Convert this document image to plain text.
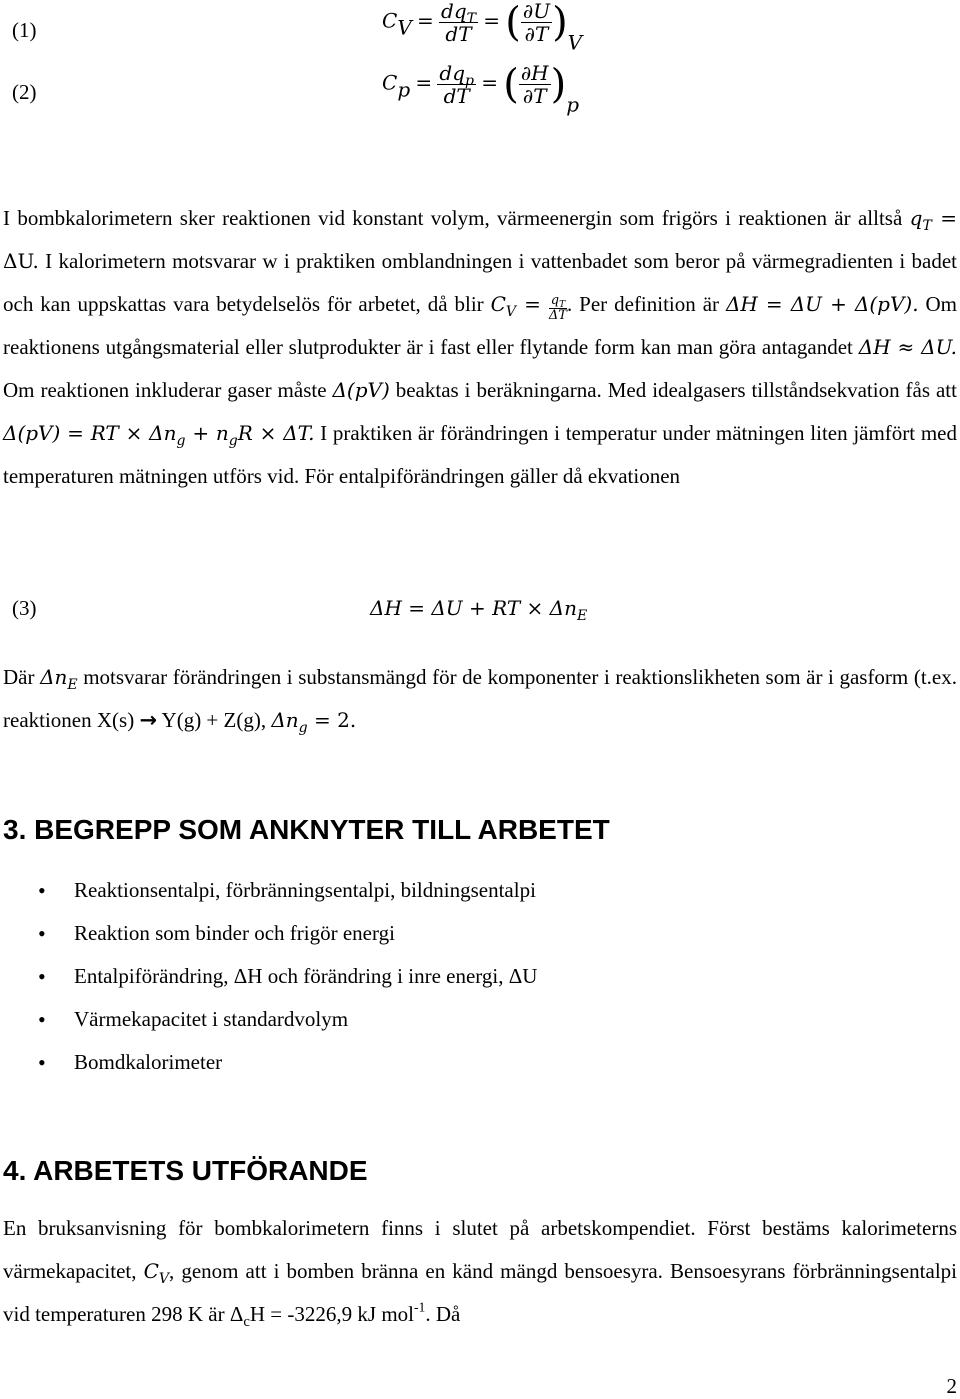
(1)	$C_V = \frac{dq_T}{dT}$ = ( $\frac{\partial U}{\partial T} )_V$
(2)	$C_p = \frac{dq_p}{dT}$ = ( $\frac{\partial H}{\partial T} )_p$
I bombkalorimetern sker reaktionen vid konstant volym, värmeenergin som frigörs i reaktionen är alltså $q_T = \Delta U$. I kalorimetern motsvarar w i praktiken omblandningen i vattenbadet som beror på värmegradienten i badet och kan uppskattas vara betydelselös för arbetet, då blir $C_V = \frac{q_T}{\Delta T}$ . Per definition är ΔH = ΔU + Δ(pV). Om reaktionens utgångsmaterial eller slutprodukter är i fast eller flytande form kan man göra antagandet ΔH ≈ ΔU. Om reaktionen inkluderar gaser måste Δ(pV) beaktas i beräkningarna. Med idealgasers tillståndsekvation fås att Δ(pV) = RT × $\Delta n_g + n_gR \times \Delta T$. I praktiken är förändringen i temperatur under mätningen liten jämfört med temperaturen mätningen utförs vid. För entalpiförändringen gäller då ekvationen
(3)	ΔH = ΔU + RT × $\Delta n_E$
Där $\Delta n_E$ motsvarar förändringen i substansmängd för de komponenter i reaktionslikheten som är i gasform (t.ex. reaktionen X(s) → Y(g) + Z(g), $\Delta n_g = 2$.
3. BEGREPP SOM ANKNYTER TILL ARBETET
• Reaktionsentalpi, förbränningsentalpi, bildningsentalpi
• Reaktion som binder och frigör energi
• Entalpiförändring, ΔH och förändring i inre energi, ΔU
• Värmekapacitet i standardvolym
• Bomdkalorimeter
4. ARBETETS UTFÖRANDE
En bruksanvisning för bombkalorimetern finns i slutet på arbetskompendiet. Först bestäms kalorimeterns värmekapacitet, $C_V$, genom att i bomben bränna en känd mängd bensoesyra. Bensoesyrans förbränningsentalpi vid temperaturen 298 K är $\Delta_cH = -3226,9$ kJ mol$^{-1}$. Då
2
